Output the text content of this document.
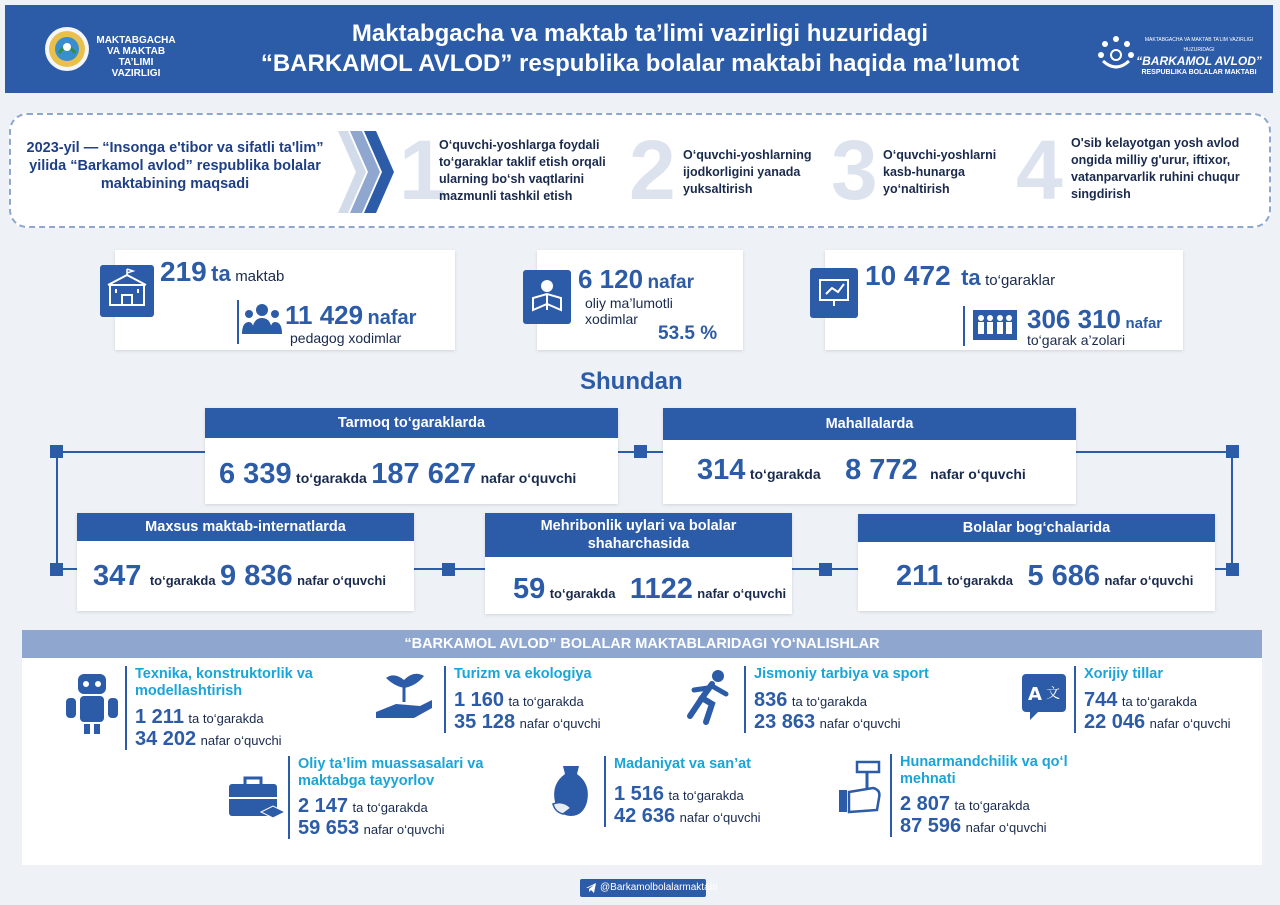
MAKTABGACHA
VA MAKTAB
TA’LIMI VAZIRLIGI
Maktabgacha va maktab ta’limi vazirligi huzuridagi
“BARKAMOL AVLOD” respublika bolalar maktabi haqida ma’lumot
MAKTABGACHA VA MAKTAB TA’LIM VAZIRLIGI HUZURIDAGI
“BARKAMOL AVLOD”
RESPUBLIKA BOLALAR MAKTABI
2023-yil — “Insonga e'tibor va sifatli ta'lim” yilida “Barkamol avlod” respublika bolalar maktabining maqsadi	1
O‘quvchi-yoshlarga foydali to‘garaklar taklif etish orqali ularning bo‘sh vaqtlarini mazmunli tashkil etish 2 O‘quvchi-yoshlarning ijodkorligini yanada yuksaltirish 3 O‘quvchi-yoshlarni kasb-hunarga yo‘naltirish 4 O'sib kelayotgan yosh avlod ongida milliy g'urur, iftixor, vatanparvarlik ruhini chuqur singdirish
219 ta maktab
11 429 nafar
pedagog xodimlar
6 120 nafar
oliy ma’lumotli
xodimlar
53.5 %
10 472 ta to‘garaklar
306 310 nafar
to‘garak a’zolari
Shundan
Tarmoq to‘garaklarda
6 339 to‘garakda 187 627 nafar o‘quvchi
Mahallalarda
314 to‘garakda 8 772 nafar o‘quvchi
Maxsus maktab-internatlarda
347 to‘garakda 9 836 nafar o‘quvchi
Mehribonlik uylari va bolalar shaharchasida
59 to‘garakda 1122 nafar o‘quvchi
Bolalar bog‘chalarida
211 to‘garakda 5 686 nafar o‘quvchi
“BARKAMOL AVLOD” BOLALAR MAKTABLARIDAGI YO‘NALISHLAR
Texnika, konstruktorlik va modellashtirish
1 211 ta to‘garakda
34 202 nafar o‘quvchi
Turizm va ekologiya
1 160 ta to‘garakda
35 128 nafar o‘quvchi
Jismoniy tarbiya va sport
836 ta to‘garakda
23 863 nafar o‘quvchi
A 文
Xorijiy tillar
744 ta to‘garakda
22 046 nafar o‘quvchi
Oliy ta’lim muassasalari va maktabga tayyorlov
2 147 ta to‘garakda
59 653 nafar o‘quvchi
Madaniyat va san’at
1 516 ta to‘garakda
42 636 nafar o‘quvchi
Hunarmandchilik va qo‘l mehnati
2 807 ta to‘garakda
87 596 nafar o‘quvchi
@Barkamolbolalarmaktabi
